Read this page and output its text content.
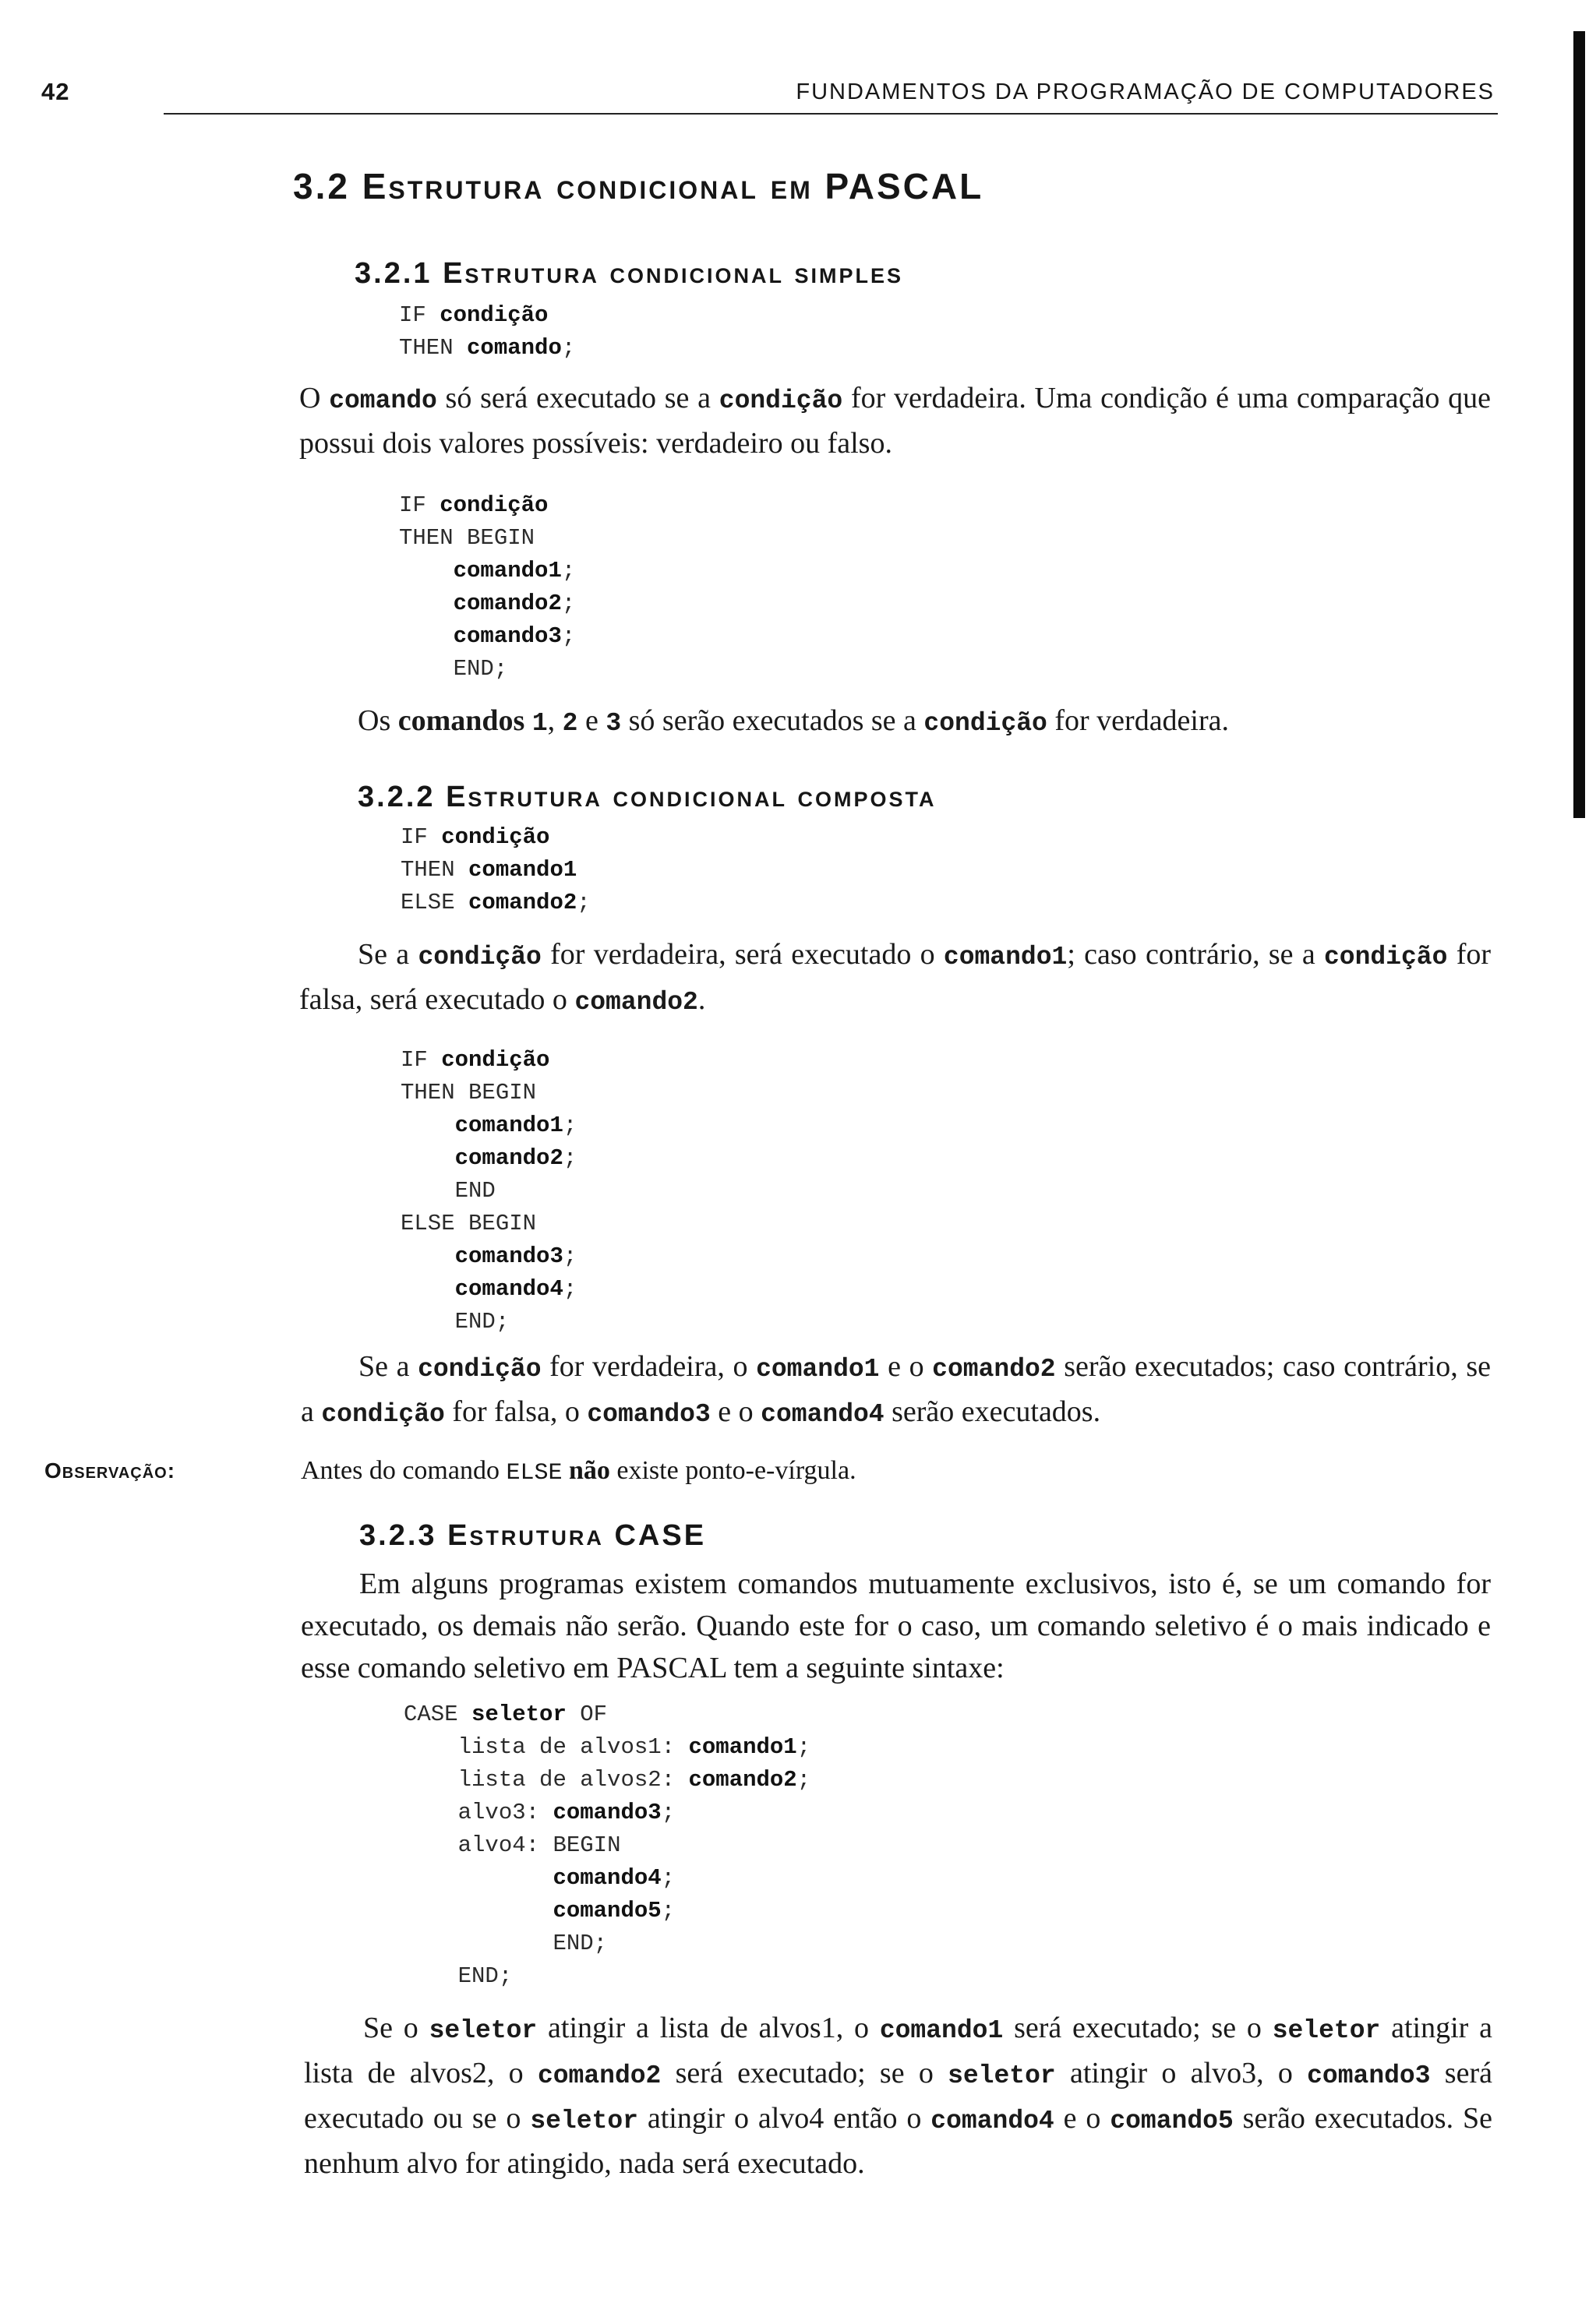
42	FUNDAMENTOS DA PROGRAMAÇÃO DE COMPUTADORES
3.2 Estrutura condicional em PASCAL
3.2.1 Estrutura condicional simples
IF condição
THEN comando;
O comando só será executado se a condição for verdadeira. Uma condição é uma comparação que possui dois valores possíveis: verdadeiro ou falso.
IF condição
THEN BEGIN
comando1;
comando2;
comando3;
END;
Os comandos 1, 2 e 3 só serão executados se a condição for verdadeira.
3.2.2 Estrutura condicional composta
IF condição
THEN comando1
ELSE comando2;
Se a condição for verdadeira, será executado o comando1; caso contrário, se a condição for falsa, será executado o comando2.
IF condição
THEN BEGIN
comando1;
comando2;
END
ELSE BEGIN
comando3;
comando4;
END;
Se a condição for verdadeira, o comando1 e o comando2 serão executados; caso contrário, se a condição for falsa, o comando3 e o comando4 serão executados.
Observação:	Antes do comando ELSE não existe ponto-e-vírgula.
3.2.3 Estrutura CASE
Em alguns programas existem comandos mutuamente exclusivos, isto é, se um comando for executado, os demais não serão. Quando este for o caso, um comando seletivo é o mais indicado e esse comando seletivo em PASCAL tem a seguinte sintaxe:
CASE seletor OF
lista de alvos1: comando1;
lista de alvos2: comando2;
alvo3: comando3;
alvo4: BEGIN
comando4;
comando5;
END;
END;
Se o seletor atingir a lista de alvos1, o comando1 será executado; se o seletor atingir a lista de alvos2, o comando2 será executado; se o seletor atingir o alvo3, o comando3 será executado ou se o seletor atingir o alvo4 então o comando4 e o comando5 serão executados. Se nenhum alvo for atingido, nada será executado.
